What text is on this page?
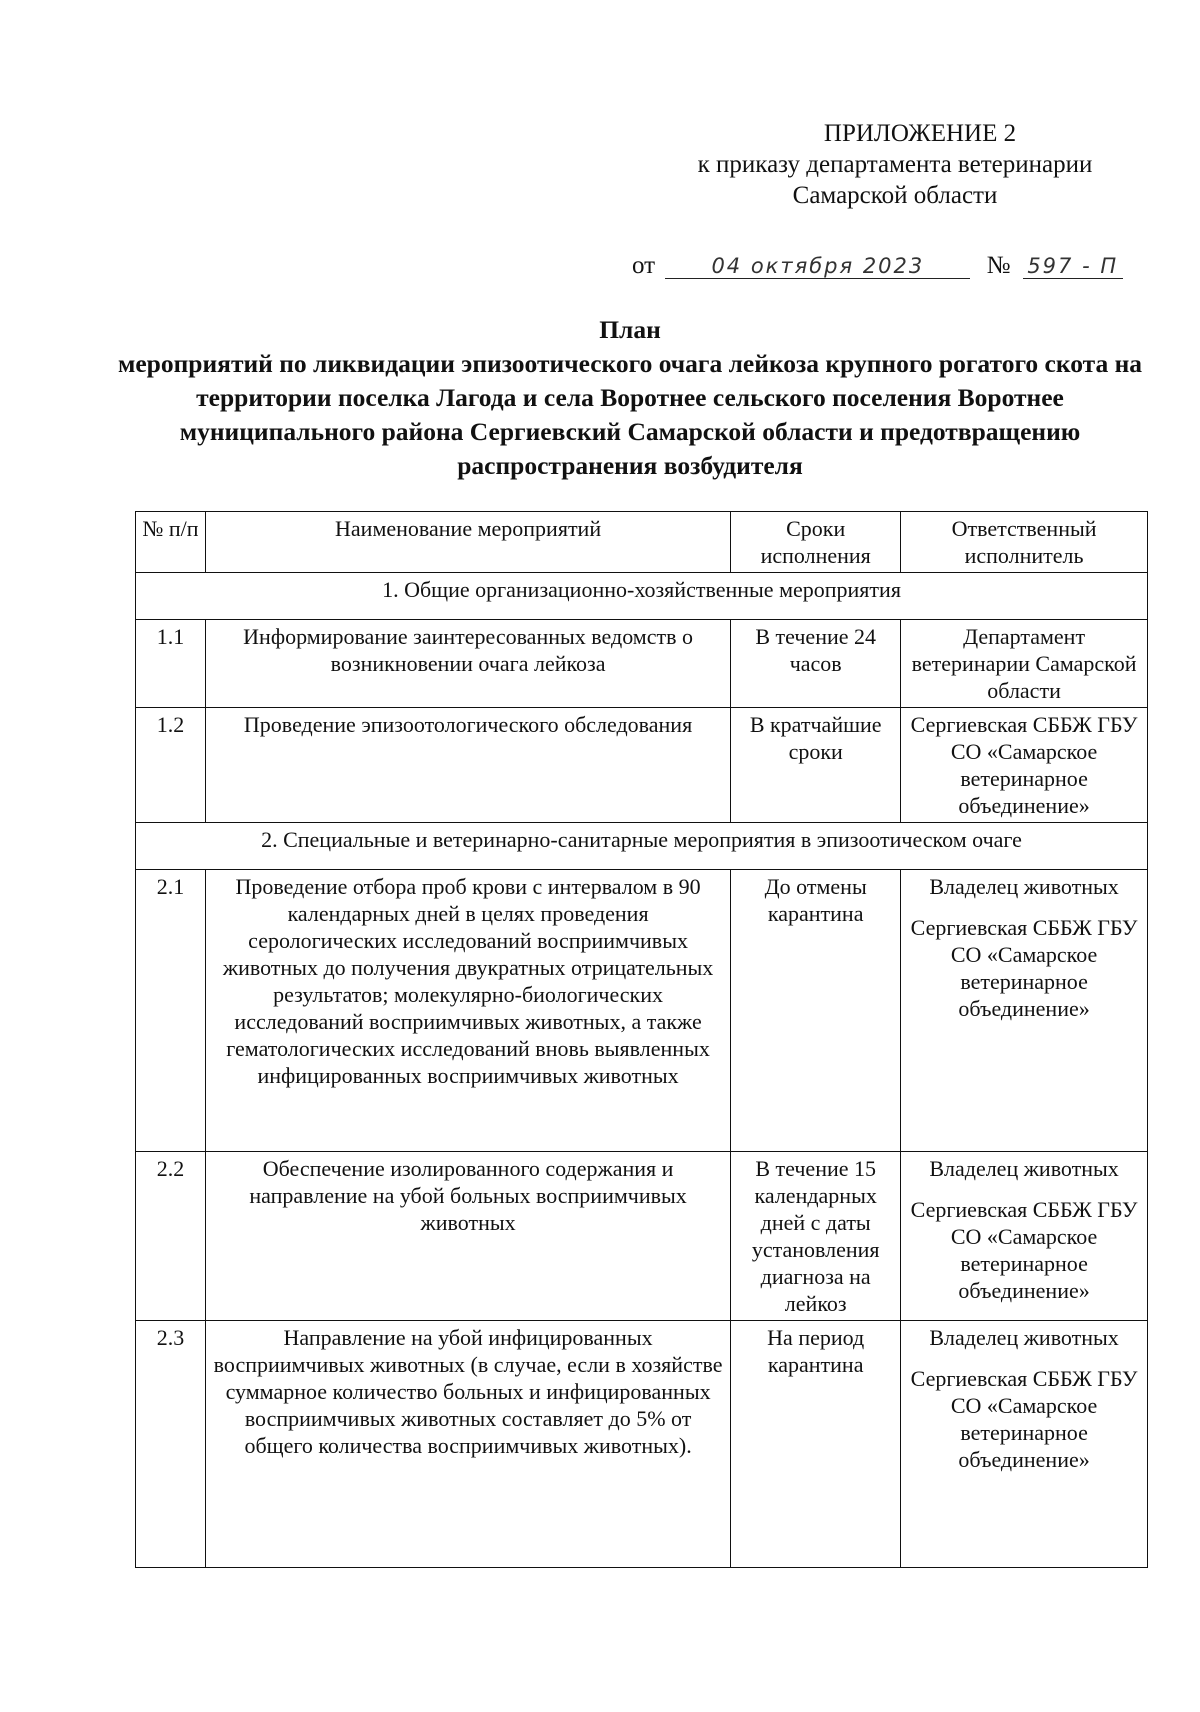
ПРИЛОЖЕНИЕ 2
к приказу департамента ветеринарии
Самарской области
от	04 октября 2023 № 597 - П
План
мероприятий по ликвидации эпизоотического очага лейкоза крупного рогатого скота на территории поселка Лагода и села Воротнее сельского поселения Воротнее муниципального района Сергиевский Самарской области и предотвращению распространения возбудителя
№ п/п	Наименование мероприятий	Сроки исполнения	Ответственный исполнитель
1. Общие организационно-хозяйственные мероприятия			
1.1	Информирование заинтересованных ведомств о возникновении очага лейкоза	В течение 24 часов	Департамент ветеринарии Самарской области

1.2	Проведение эпизоотологического обследования	В кратчайшие сроки	Сергиевская СББЖ ГБУ СО «Самарское ветеринарное объединение»

2. Специальные и ветеринарно-санитарные мероприятия в эпизоотическом очаге			
2.1	Проведение отбора проб крови с интервалом в 90 календарных дней в целях проведения серологических исследований восприимчивых животных до получения двукратных отрицательных результатов; молекулярно-биологических исследований восприимчивых животных, а также гематологических исследований вновь выявленных инфицированных восприимчивых животных	До отмены карантина	Владелец животных
Сергиевская СББЖ ГБУ СО «Самарское ветеринарное объединение»

2.2	Обеспечение изолированного содержания и направление на убой больных восприимчивых животных	В течение 15 календарных дней с даты установления диагноза на лейкоз	Владелец животных
Сергиевская СББЖ ГБУ СО «Самарское ветеринарное объединение»

2.3	Направление на убой инфицированных восприимчивых животных (в случае, если в хозяйстве суммарное количество больных и инфицированных восприимчивых животных составляет до 5% от общего количества восприимчивых животных).	На период карантина	Владелец животных
Сергиевская СББЖ ГБУ СО «Самарское ветеринарное объединение»
